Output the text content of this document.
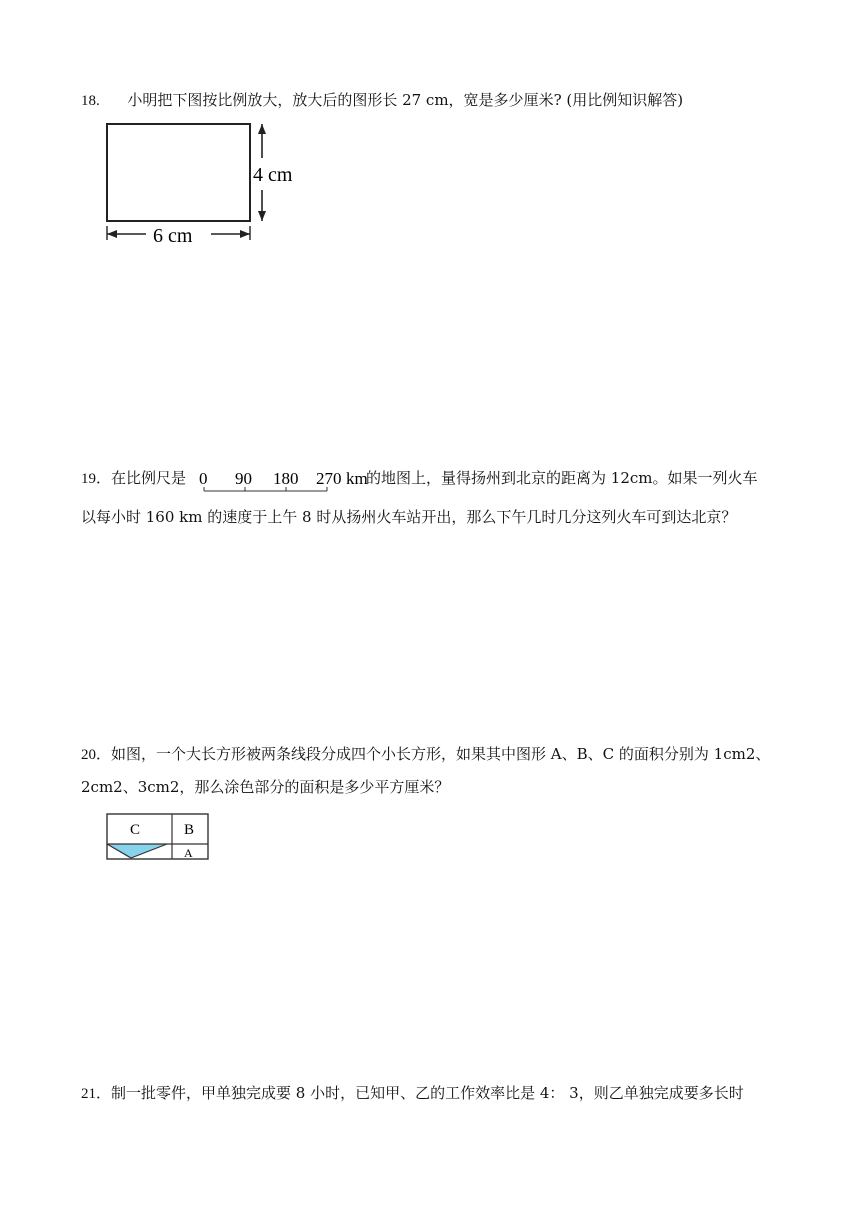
18. 小明把下图按比例放大，放大后的图形长 27 cm，宽是多少厘米? (用比例知识解答)
4 cm
6 cm
19．在比例尺是	的地图上，量得扬州到北京的距离为 12cm。如果一列火车
0 90 180 270 km
以每小时 160 km 的速度于上午 8 时从扬州火车站开出，那么下午几时几分这列火车可到达北京？
20．如图，一个大长方形被两条线段分成四个小长方形，如果其中图形 A、B、C 的面积分别为 1cm2、
2cm2、3cm2，那么涂色部分的面积是多少平方厘米？
C	B
A
21．制一批零件，甲单独完成要 8 小时，已知甲、乙的工作效率比是 4： 3，则乙单独完成要多长时
